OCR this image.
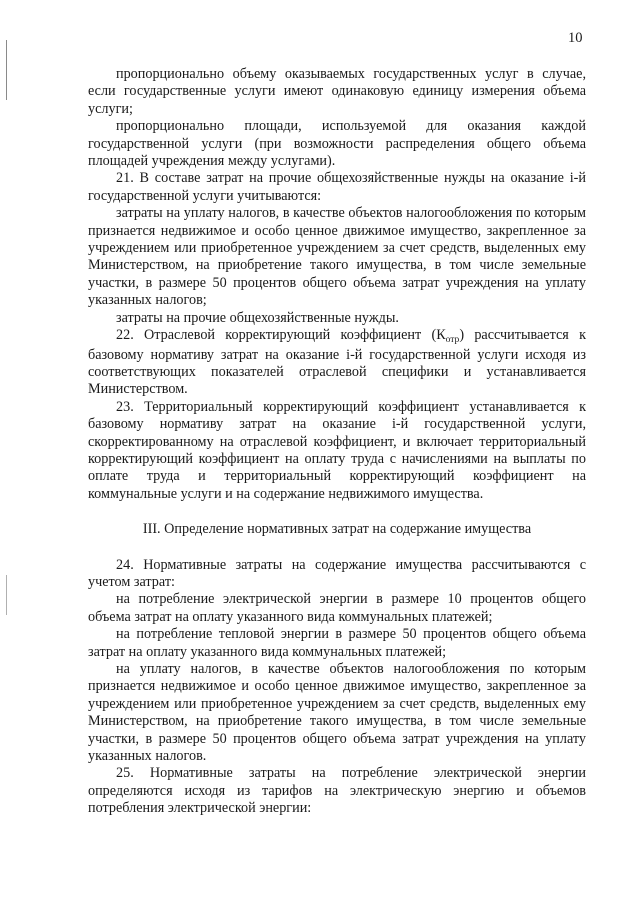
10

пропорционально объему оказываемых государственных услуг в случае, если государственные услуги имеют одинаковую единицу измерения объема услуги;

пропорционально площади, используемой для оказания каждой государственной услуги (при возможности распределения общего объема площадей учреждения между услугами).

21. В составе затрат на прочие общехозяйственные нужды на оказание i-й государственной услуги учитываются:

затраты на уплату налогов, в качестве объектов налогообложения по которым признается недвижимое и особо ценное движимое имущество, закрепленное за учреждением или приобретенное учреждением за счет средств, выделенных ему Министерством, на приобретение такого имущества, в том числе земельные участки, в размере 50 процентов общего объема затрат учреждения на уплату указанных налогов;

затраты на прочие общехозяйственные нужды.

22. Отраслевой корректирующий коэффициент $(К_{отр})$ рассчитывается к базовому нормативу затрат на оказание i-й государственной услуги исходя из соответствующих показателей отраслевой специфики и устанавливается Министерством.

23. Территориальный корректирующий коэффициент устанавливается к базовому нормативу затрат на оказание i-й государственной услуги, скорректированному на отраслевой коэффициент, и включает территориальный корректирующий коэффициент на оплату труда с начислениями на выплаты по оплате труда и территориальный корректирующий коэффициент на коммунальные услуги и на содержание недвижимого имущества.

III. Определение нормативных затрат на содержание имущества

24. Нормативные затраты на содержание имущества рассчитываются с учетом затрат:

на потребление электрической энергии в размере 10 процентов общего объема затрат на оплату указанного вида коммунальных платежей;

на потребление тепловой энергии в размере 50 процентов общего объема затрат на оплату указанного вида коммунальных платежей;

на уплату налогов, в качестве объектов налогообложения по которым признается недвижимое и особо ценное движимое имущество, закрепленное за учреждением или приобретенное учреждением за счет средств, выделенных ему Министерством, на приобретение такого имущества, в том числе земельные участки, в размере 50 процентов общего объема затрат учреждения на уплату указанных налогов.

25. Нормативные затраты на потребление электрической энергии определяются исходя из тарифов на электрическую энергию и объемов потребления электрической энергии:
